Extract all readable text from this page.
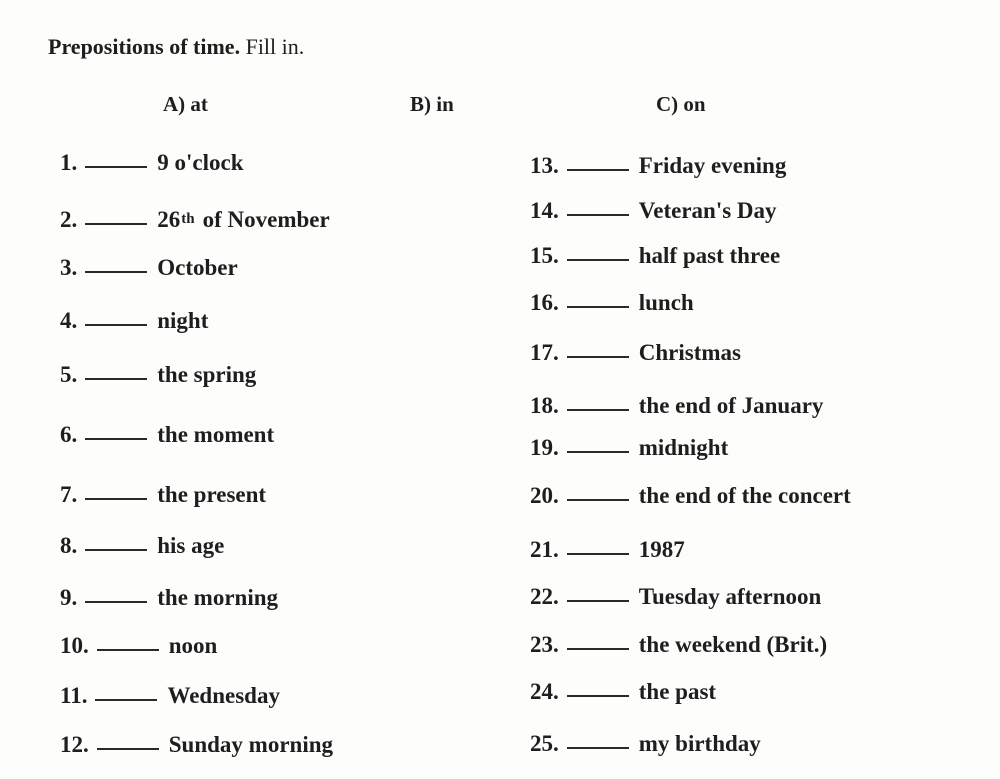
Prepositions of time. Fill in.
A) at	B) in	C) on
1.	9 o'clock
2.	26th of November
3.	October
4.	night
5.	the spring
6.	the moment
7.	the present
8.	his age
9.	the morning
10.	noon
11.	Wednesday
12.	Sunday morning
13.	Friday evening
14.	Veteran's Day
15.	half past three
16.	lunch
17.	Christmas
18.	the end of January
19.	midnight
20.	the end of the concert
21.	1987
22.	Tuesday afternoon
23.	the weekend (Brit.)
24.	the past
25.	my birthday
